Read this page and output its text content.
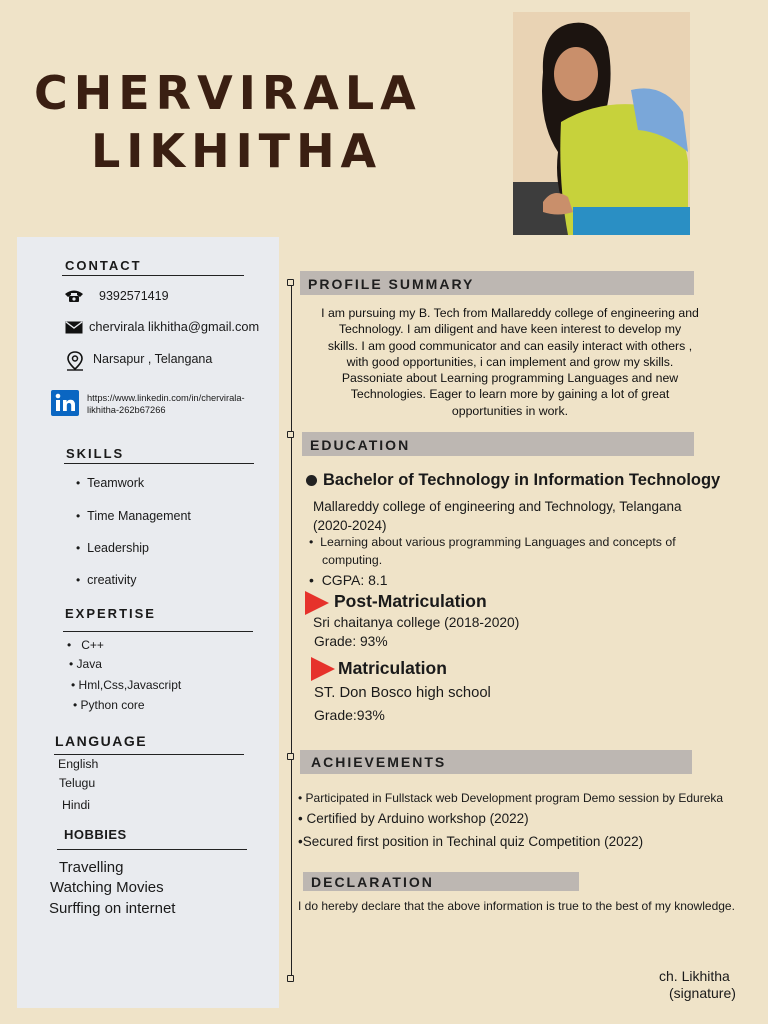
CHERVIRALA
LIKHITHA
CONTACT
9392571419
chervirala likhitha@gmail.com
Narsapur , Telangana
https://www.linkedin.com/in/chervirala-
likhitha-262b67266
SKILLS
• Teamwork
• Time Management
• Leadership
• creativity
EXPERTISE
• C++
• Java
• Hml,Css,Javascript
• Python core
LANGUAGE
English
Telugu
Hindi
HOBBIES
Travelling
Watching Movies
Surffing on internet
PROFILE SUMMARY
I am pursuing my B. Tech from Mallareddy college of engineering and
Technology. I am diligent and have keen interest to develop my
skills. I am good communicator and can easily interact with others ,
with good opportunities, i can implement and grow my skills.
Passoniate about Learning programming Languages and new
Technologies. Eager to learn more by gaining a lot of great
opportunities in work.
EDUCATION
Bachelor of Technology in Information Technology
Mallareddy college of engineering and Technology, Telangana
(2020-2024)
•  Learning about various programming Languages and concepts of
computing.
•  CGPA: 8.1
Post-Matriculation
Sri chaitanya college (2018-2020)
Grade: 93%
Matriculation
ST. Don Bosco high school
Grade:93%
ACHIEVEMENTS
• Participated in Fullstack web Development program Demo session by Edureka
• Certified by Arduino workshop (2022)
•Secured first position in Techinal quiz Competition (2022)
DECLARATION
I do hereby declare that the above information is true to the best of my knowledge.
ch. Likhitha
(signature)
